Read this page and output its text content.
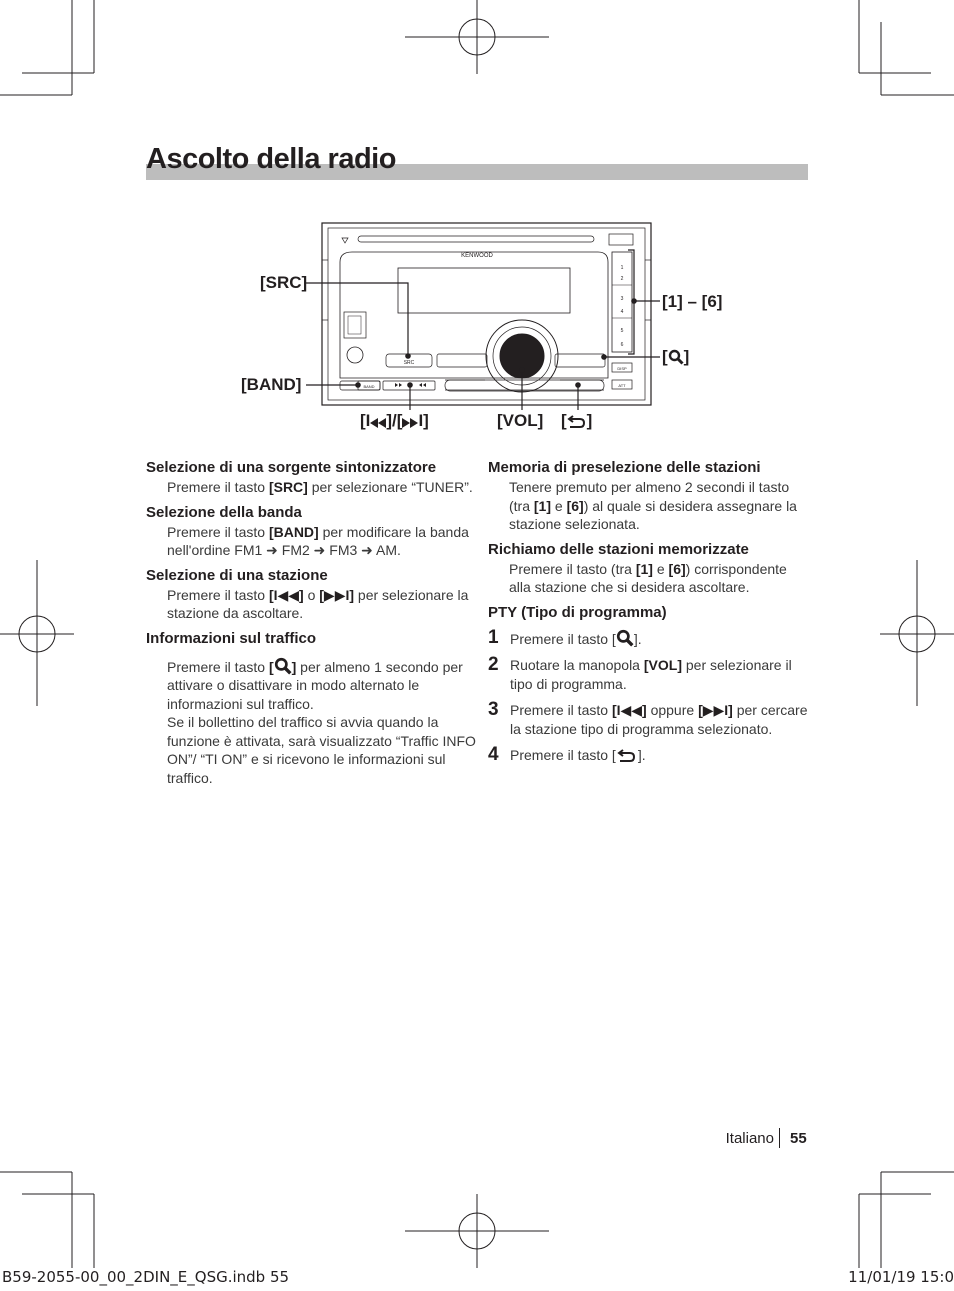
Ascolto della radio
KENWOOD
SRC
BAND
1
2
3
4
5
6
DISP
ATT
[SRC]
[BAND]
[1] – [6]
[ ]
[I ]/[ I]	[VOL] [ ]

Selezione di una sorgente sintonizzatore

Premere il tasto [SRC] per selezionare “TUNER”.

Selezione della banda

Premere il tasto [BAND] per modificare la banda nell'ordine FM1 ➜ FM2 ➜ FM3 ➜ AM.

Selezione di una stazione

Premere il tasto [I◀◀] o [▶▶I] per selezionare la stazione da ascoltare.

Informazioni sul traffico

Premere il tasto [ ] per almeno 1 secondo per attivare o disattivare in modo alternato le informazioni sul traffico.

Se il bollettino del traffico si avvia quando la funzione è attivata, sarà visualizzato “Traffic INFO ON”/ “TI ON” e si ricevono le informazioni sul traffico.

Memoria di preselezione delle stazioni

Tenere premuto per almeno 2 secondi il tasto (tra [1] e [6]) al quale si desidera assegnare la stazione selezionata.

Richiamo delle stazioni memorizzate

Premere il tasto (tra [1] e [6]) corrispondente alla stazione che si desidera ascoltare.

PTY (Tipo di programma)

1 Premere il tasto [ ].
2 Ruotare la manopola [VOL] per selezionare il tipo di programma.
3 Premere il tasto [I◀◀] oppure [▶▶I] per cercare la stazione tipo di programma selezionato.
4 Premere il tasto [ ].
Italiano 55
B59-2055-00_00_2DIN_E_QSG.indb 55	11/01/19 15:0
